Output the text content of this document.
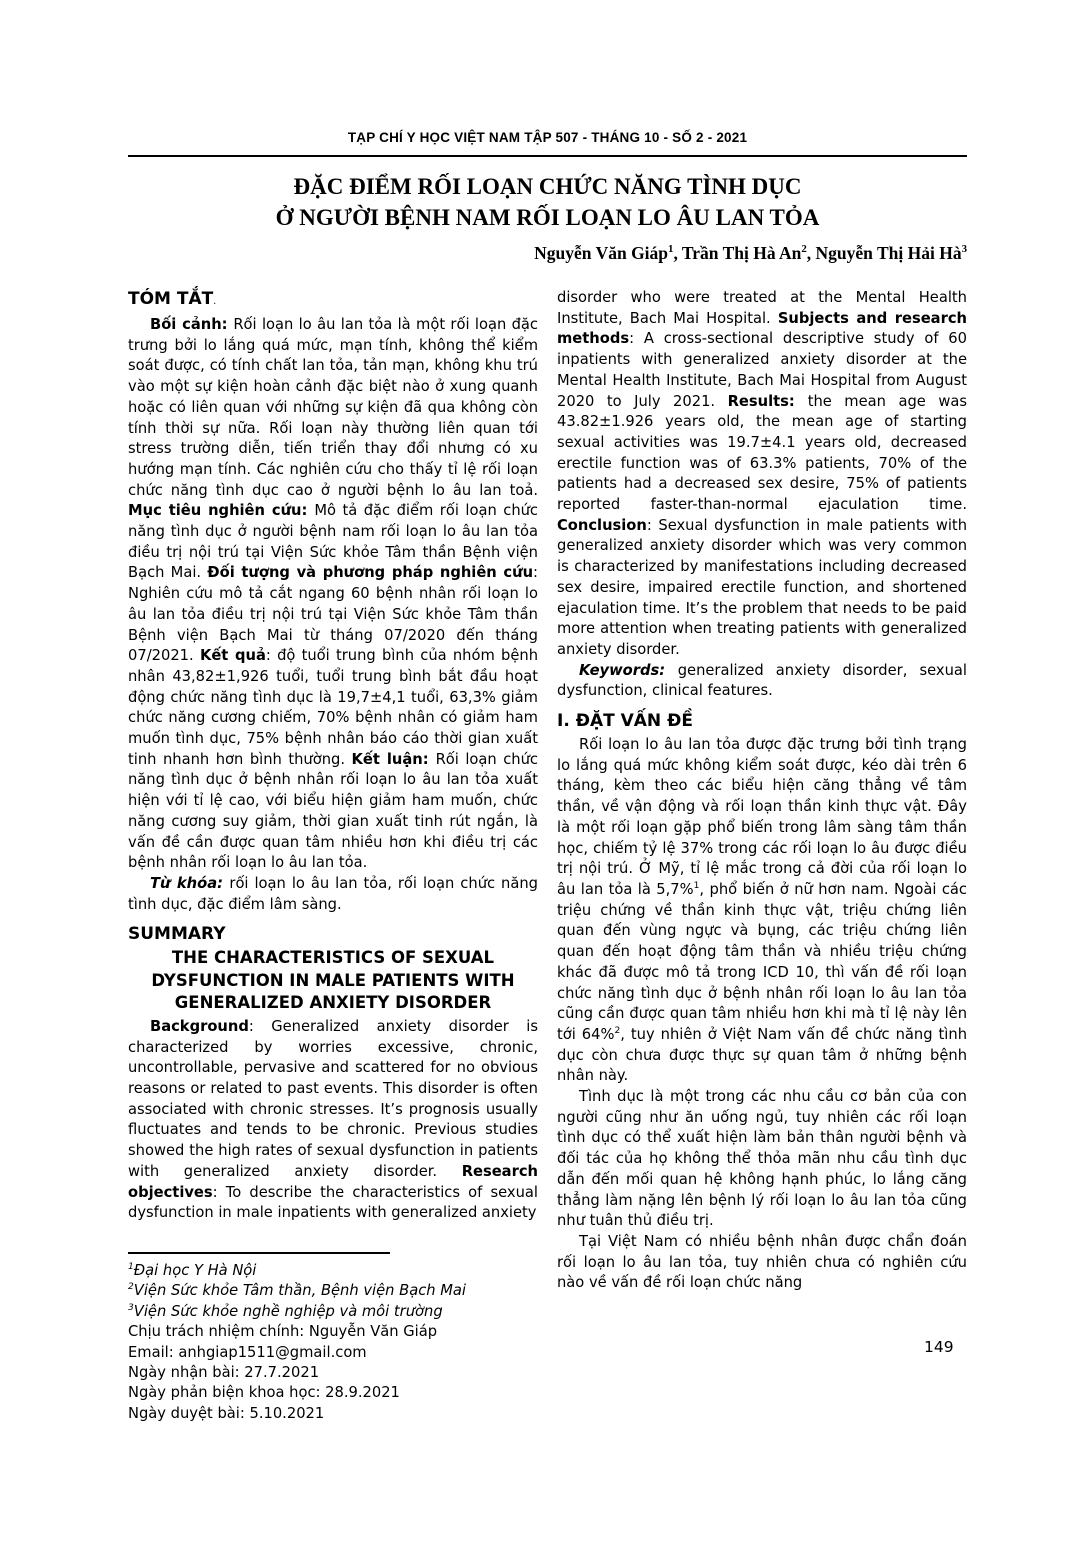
TẠP CHÍ Y HỌC VIỆT NAM TẬP 507 - THÁNG 10 - SỐ 2 - 2021
ĐẶC ĐIỂM RỐI LOẠN CHỨC NĂNG TÌNH DỤC
Ở NGƯỜI BỆNH NAM RỐI LOẠN LO ÂU LAN TỎA
Nguyễn Văn Giáp$^1$, Trần Thị Hà An$^2$, Nguyễn Thị Hải $Hà^3$
TÓM TẮT.

Bối cảnh: Rối loạn lo âu lan tỏa là một rối loạn đặc trưng bởi lo lắng quá mức, mạn tính, không thể kiểm soát được, có tính chất lan tỏa, tản mạn, không khu trú vào một sự kiện hoàn cảnh đặc biệt nào ở xung quanh hoặc có liên quan với những sự kiện đã qua không còn tính thời sự nữa. Rối loạn này thường liên quan tới stress trường diễn, tiến triển thay đổi nhưng có xu hướng mạn tính. Các nghiên cứu cho thấy tỉ lệ rối loạn chức năng tình dục cao ở người bệnh lo âu lan toả. Mục tiêu nghiên cứu: Mô tả đặc điểm rối loạn chức năng tình dục ở người bệnh nam rối loạn lo âu lan tỏa điều trị nội trú tại Viện Sức khỏe Tâm thần Bệnh viện Bạch Mai. Đối tượng và phương pháp nghiên cứu: Nghiên cứu mô tả cắt ngang 60 bệnh nhân rối loạn lo âu lan tỏa điều trị nội trú tại Viện Sức khỏe Tâm thần Bệnh viện Bạch Mai từ tháng 07/2020 đến tháng 07/2021. Kết quả: độ tuổi trung bình của nhóm bệnh nhân 43,82±1,926 tuổi, tuổi trung bình bắt đầu hoạt động chức năng tình dục là 19,7±4,1 tuổi, 63,3% giảm chức năng cương chiếm, 70% bệnh nhân có giảm ham muốn tình dục, 75% bệnh nhân báo cáo thời gian xuất tinh nhanh hơn bình thường. Kết luận: Rối loạn chức năng tình dục ở bệnh nhân rối loạn lo âu lan tỏa xuất hiện với tỉ lệ cao, với biểu hiện giảm ham muốn, chức năng cương suy giảm, thời gian xuất tinh rút ngắn, là vấn đề cần được quan tâm nhiều hơn khi điều trị các bệnh nhân rối loạn lo âu lan tỏa.

Từ khóa: rối loạn lo âu lan tỏa, rối loạn chức năng tình dục, đặc điểm lâm sàng.

SUMMARY
THE CHARACTERISTICS OF SEXUAL DYSFUNCTION IN MALE PATIENTS WITH GENERALIZED ANXIETY DISORDER

Background: Generalized anxiety disorder is characterized by worries excessive, chronic, uncontrollable, pervasive and scattered for no obvious reasons or related to past events. This disorder is often associated with chronic stresses. It’s prognosis usually fluctuates and tends to be chronic. Previous studies showed the high rates of sexual dysfunction in patients with generalized anxiety disorder. Research objectives: To describe the characteristics of sexual dysfunction in male inpatients with generalized anxiety

$^1$Đại học Y Hà Nội
$^2$Viện Sức khỏe Tâm thần, Bệnh viện Bạch Mai
$^3$Viện Sức khỏe nghề nghiệp và môi trường
Chịu trách nhiệm chính: Nguyễn Văn Giáp
Email: anhgiap1511@gmail.com
Ngày nhận bài: 27.7.2021
Ngày phản biện khoa học: 28.9.2021
Ngày duyệt bài: 5.10.2021

disorder who were treated at the Mental Health Institute, Bach Mai Hospital. Subjects and research methods: A cross-sectional descriptive study of 60 inpatients with generalized anxiety disorder at the Mental Health Institute, Bach Mai Hospital from August 2020 to July 2021. Results: the mean age was 43.82±1.926 years old, the mean age of starting sexual activities was 19.7±4.1 years old, decreased erectile function was of 63.3% patients, 70% of the patients had a decreased sex desire, 75% of patients reported faster-than-normal ejaculation time. Conclusion: Sexual dysfunction in male patients with generalized anxiety disorder which was very common is characterized by manifestations including decreased sex desire, impaired erectile function, and shortened ejaculation time. It’s the problem that needs to be paid more attention when treating patients with generalized anxiety disorder.

Keywords: generalized anxiety disorder, sexual dysfunction, clinical features.

I. ĐẶT VẤN ĐỀ

Rối loạn lo âu lan tỏa được đặc trưng bởi tình trạng lo lắng quá mức không kiểm soát được, kéo dài trên 6 tháng, kèm theo các biểu hiện căng thẳng về tâm thần, về vận động và rối loạn thần kinh thực vật. Đây là một rối loạn gặp phổ biến trong lâm sàng tâm thần học, chiếm tỷ lệ 37% trong các rối loạn lo âu được điều trị nội trú. Ở Mỹ, tỉ lệ mắc trong cả đời của rối loạn lo âu lan tỏa là 5,7%$^1$, phổ biến ở nữ hơn nam. Ngoài các triệu chứng về thần kinh thực vật, triệu chứng liên quan đến vùng ngực và bụng, các triệu chứng liên quan đến hoạt động tâm thần và nhiều triệu chứng khác đã được mô tả trong ICD 10, thì vấn đề rối loạn chức năng tình dục ở bệnh nhân rối loạn lo âu lan tỏa cũng cần được quan tâm nhiều hơn khi mà tỉ lệ này lên tới 64%$^2$, tuy nhiên ở Việt Nam vấn đề chức năng tình dục còn chưa được thực sự quan tâm ở những bệnh nhân này.

Tình dục là một trong các nhu cầu cơ bản của con người cũng như ăn uống ngủ, tuy nhiên các rối loạn tình dục có thể xuất hiện làm bản thân người bệnh và đối tác của họ không thể thỏa mãn nhu cầu tình dục dẫn đến mối quan hệ không hạnh phúc, lo lắng căng thẳng làm nặng lên bệnh lý rối loạn lo âu lan tỏa cũng như tuân thủ điều trị.

Tại Việt Nam có nhiều bệnh nhân được chẩn đoán rối loạn lo âu lan tỏa, tuy nhiên chưa có nghiên cứu nào về vấn đề rối loạn chức năng

149
